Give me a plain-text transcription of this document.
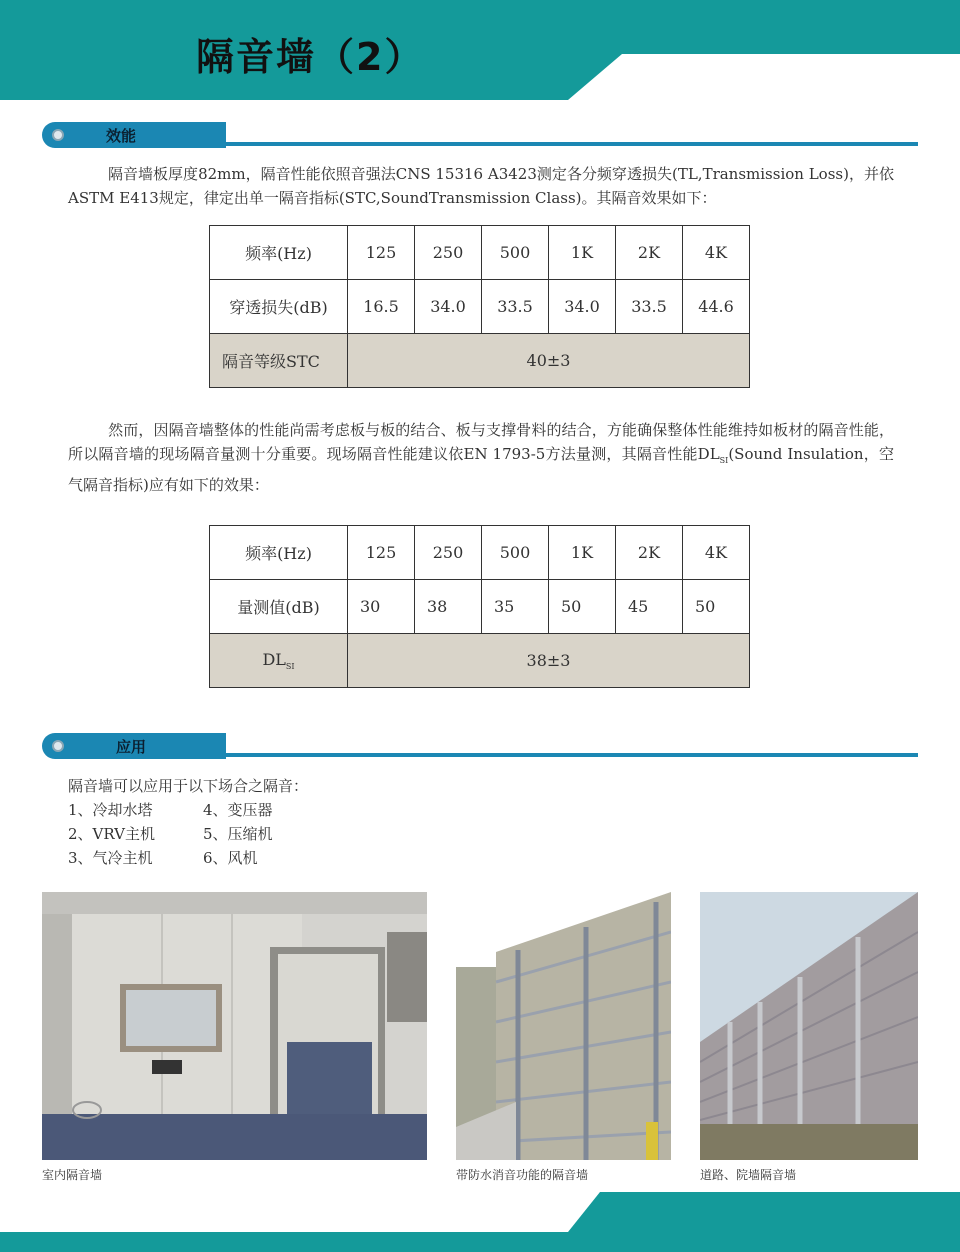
隔音墙（2）
效能
隔音墙板厚度82mm，隔音性能依照音强法CNS 15316 A3423测定各分频穿透损失(TL,Transmission Loss)，并依ASTM E413规定，律定出单一隔音指标(STC,SoundTransmission Class)。其隔音效果如下：
频率(Hz)	125	250	500	1K	2K	4K
穿透损失(dB)	16.5	34.0	33.5	34.0	33.5	44.6
隔音等级STC	40±3					
然而，因隔音墙整体的性能尚需考虑板与板的结合、板与支撑骨料的结合，方能确保整体性能维持如板材的隔音性能，所以隔音墙的现场隔音量测十分重要。现场隔音性能建议依EN 1793-5方法量测，其隔音性能$DL_{SI}(Sound$ Insulation，空气隔音指标)应有如下的效果：
频率(Hz)	125	250	500	1K	2K	4K
量测值(dB)	30	38	35	50	45	50
$DL_{SI}$	38±3					
应用
隔音墙可以应用于以下场合之隔音：
1、冷却水塔	4、变压器
2、VRV主机	5、压缩机
3、气冷主机	6、风机
室内隔音墙	带防水消音功能的隔音墙	道路、院墙隔音墙
